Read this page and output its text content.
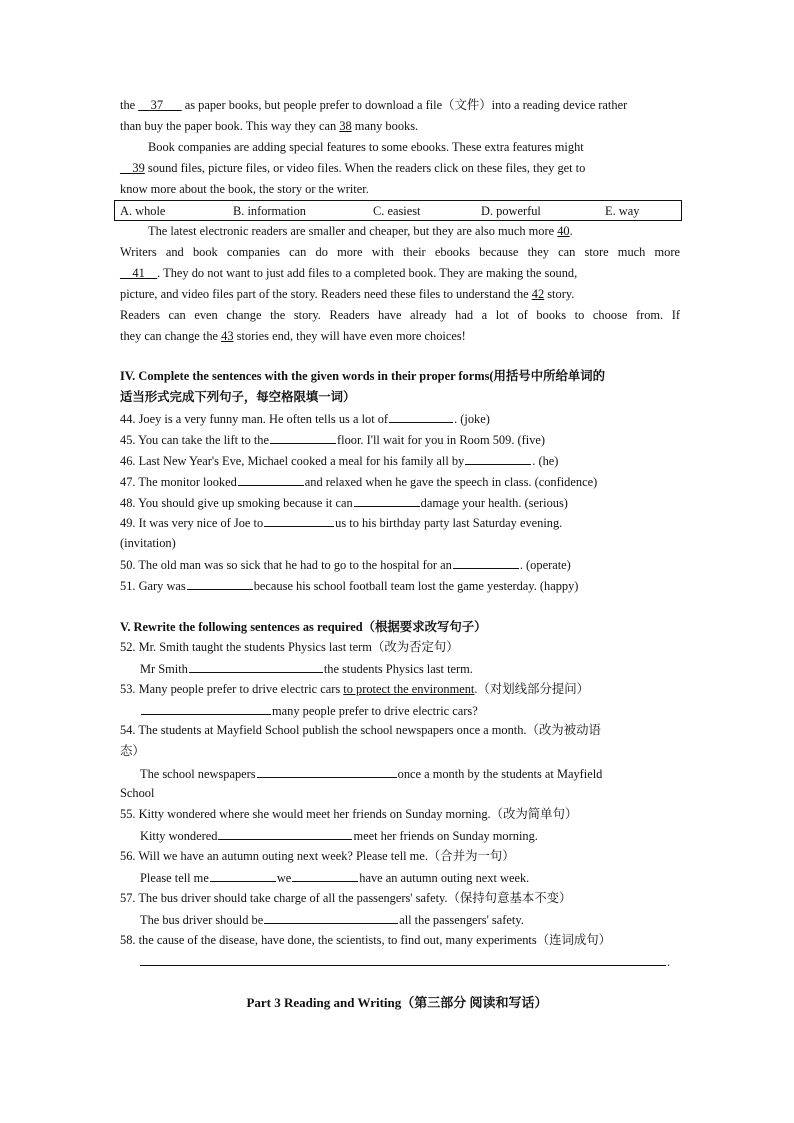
the __37___ as paper books, but people prefer to download a file（文件）into a reading device rather
than buy the paper book. This way they can 38 many books.
Book companies are adding special features to some ebooks. These extra features might
__39 sound files, picture files, or video files. When the readers click on these files, they get to
know more about the book, the story or the writer.
A. whole	B. information	C. easiest	D. powerful	E. way
The latest electronic readers are smaller and cheaper, but they are also much more 40.
Writers and book companies can do more with their ebooks because they can store much more
__41__. They do not want to just add files to a completed book. They are making the sound,
picture, and video files part of the story. Readers need these files to understand the 42 story.
Readers can even change the story. Readers have already had a lot of books to choose from. If
they can change the 43 stories end, they will have even more choices!
IV. Complete the sentences with the given words in their proper forms(用括号中所给单词的
适当形式完成下列句子，每空格限填一词）
44. Joey is a very funny man. He often tells us a lot of	. (joke)
45. You can take the lift to the	floor. I'll wait for you in Room 509. (five)
46. Last New Year's Eve, Michael cooked a meal for his family all by	. (he)
47. The monitor looked	and relaxed when he gave the speech in class. (confidence)
48. You should give up smoking because it can	damage your health. (serious)
49. It was very nice of Joe to	us to his birthday party last Saturday evening.
(invitation)
50. The old man was so sick that he had to go to the hospital for an	. (operate)
51. Gary was	because his school football team lost the game yesterday. (happy)
V. Rewrite the following sentences as required（根据要求改写句子）
52. Mr. Smith taught the students Physics last term（改为否定句）
Mr Smith	the students Physics last term.
53. Many people prefer to drive electric cars to protect the environment.（对划线部分提问）
many people prefer to drive electric cars?
54. The students at Mayfield School publish the school newspapers once a month.（改为被动语
态）
The school newspapers	once a month by the students at Mayfield
School
55. Kitty wondered where she would meet her friends on Sunday morning.（改为简单句）
Kitty wondered	meet her friends on Sunday morning.
56. Will we have an autumn outing next week? Please tell me.（合并为一句）
Please tell me	we	have an autumn outing next week.
57. The bus driver should take charge of all the passengers' safety.（保持句意基本不变）
The bus driver should be	all the passengers' safety.
58. the cause of the disease, have done, the scientists, to find out, many experiments（连词成句）
.
Part 3 Reading and Writing（第三部分 阅读和写话）
